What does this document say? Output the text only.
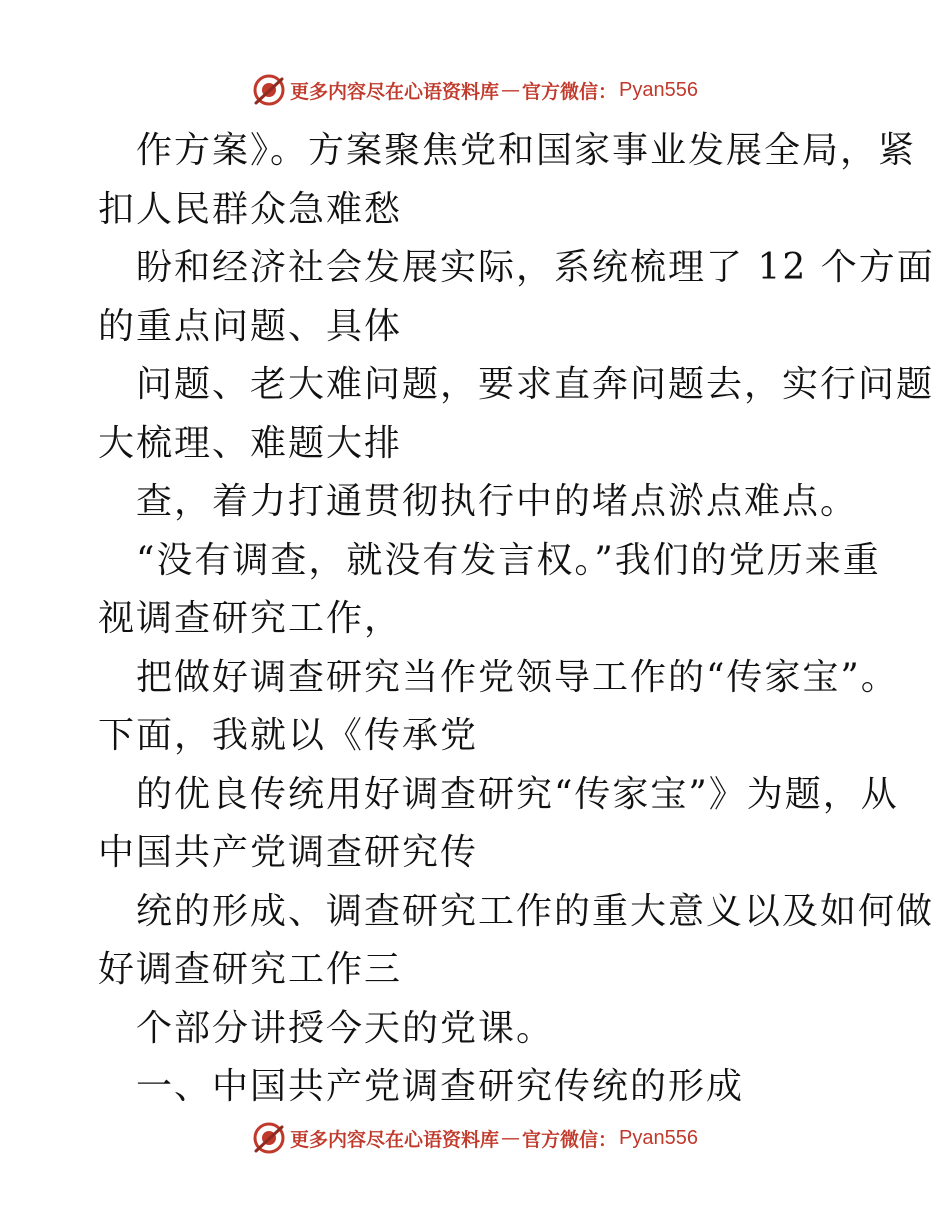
更多内容尽在心语资料库 — 官方微信： Pyan556
作方案》。方案聚焦党和国家事业发展全局，紧
扣人民群众急难愁
盼和经济社会发展实际，系统梳理了 12 个方面
的重点问题、具体
问题、老大难问题，要求直奔问题去，实行问题
大梳理、难题大排
查，着力打通贯彻执行中的堵点淤点难点。
“没有调查，就没有发言权。”我们的党历来重
视调查研究工作，
把做好调查研究当作党领导工作的“传家宝”。
下面，我就以《传承党
的优良传统用好调查研究“传家宝”》为题，从
中国共产党调查研究传
统的形成、调查研究工作的重大意义以及如何做
好调查研究工作三
个部分讲授今天的党课。
一、中国共产党调查研究传统的形成
更多内容尽在心语资料库 — 官方微信： Pyan556
